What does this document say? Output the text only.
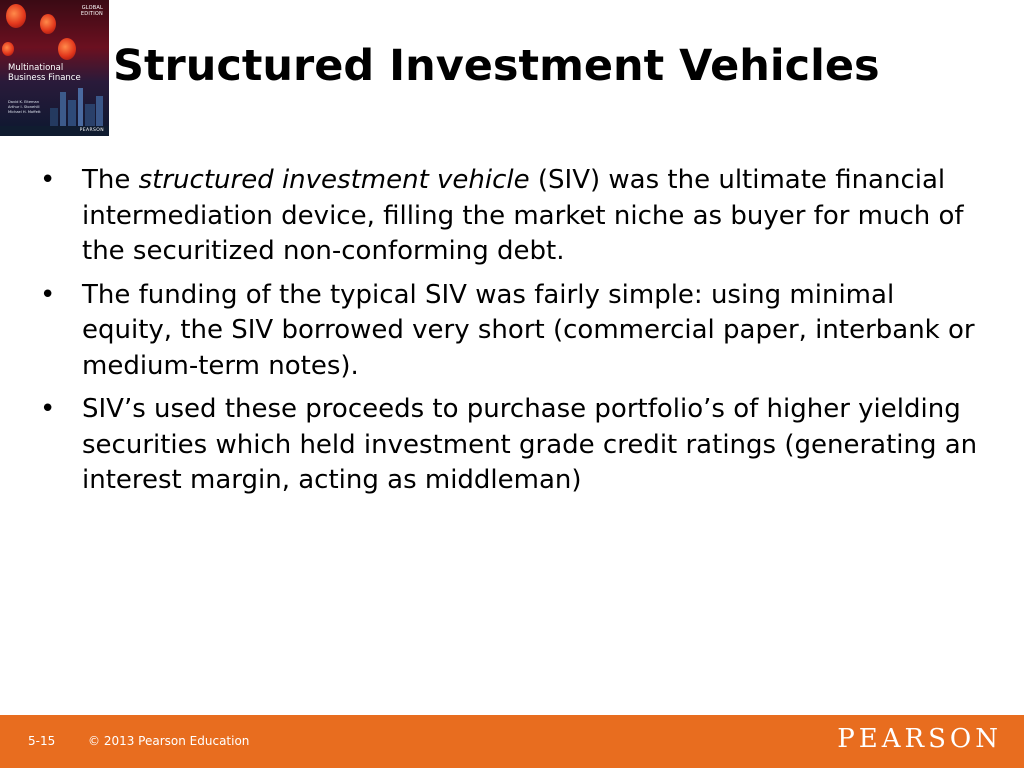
GLOBAL EDITION
Multinational
Business Finance
David K. Eiteman
Arthur I. Stonehill
Michael H. Moffett
PEARSON
Structured Investment Vehicles
•	The structured investment vehicle (SIV) was the ultimate financial intermediation device, filling the market niche as buyer for much of the securitized non-conforming debt.
•	The funding of the typical SIV was fairly simple: using minimal equity, the SIV borrowed very short (commercial paper, interbank or medium-term notes).
•	SIV’s used these proceeds to purchase portfolio’s of higher yielding securities which held investment grade credit ratings (generating an interest margin, acting as middleman)
5-15	© 2013 Pearson Education	PEARSON
